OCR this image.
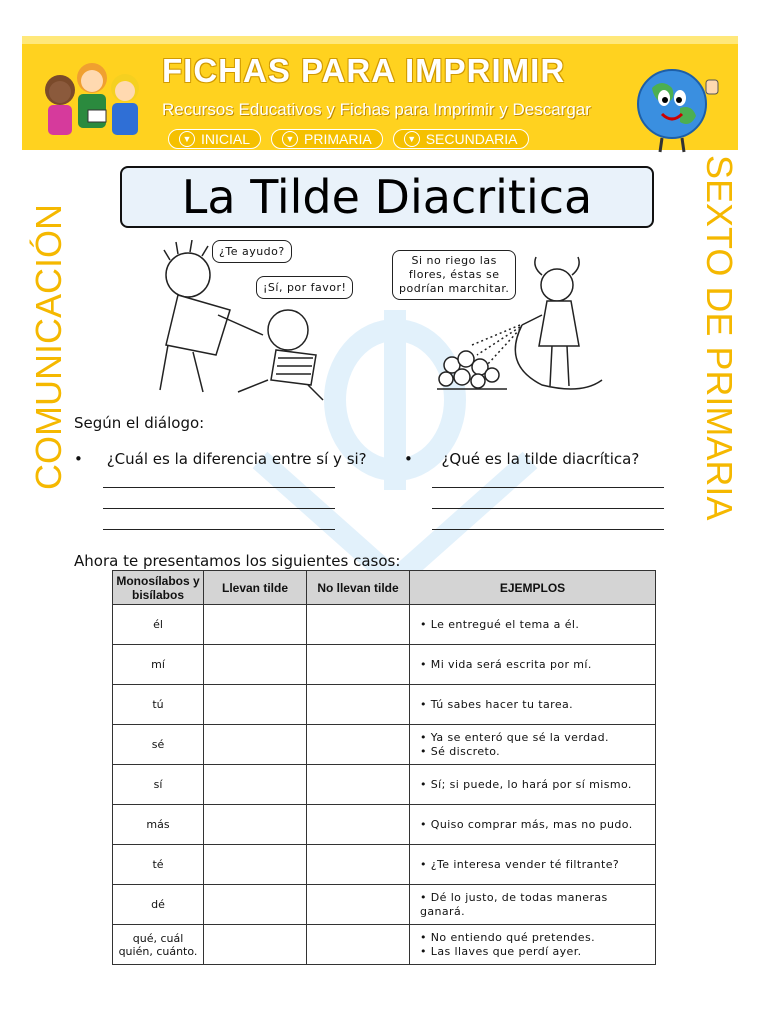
FICHAS PARA IMPRIMIR
Recursos Educativos y Fichas para Imprimir y Descargar
▼ INICIAL	▼ PRIMARIA	▼ SECUNDARIA
COMUNICACIÓN	SEXTO DE PRIMARIA
La Tilde Diacritica
¿Te ayudo?
¡Sí, por favor!
Si no riego las
flores, éstas se
podrían marchitar.
Según el diálogo:
•     ¿Cuál es la diferencia entre sí y si? •      ¿Qué es la tilde diacrítica?
Ahora te presentamos los siguientes casos:
Monosílabos y bisílabos	Llevan tilde	No llevan tilde	EJEMPLOS
él			• Le entregué el tema a él.

mí			• Mi vida será escrita por mí.

tú			• Tú sabes hacer tu tarea.

sé			• Ya se enteró que sé la verdad.
• Sé discreto.

sí			• Sí; si puede, lo hará por sí mismo.

más			• Quiso comprar más, mas no pudo.

té			• ¿Te interesa vender té filtrante?

dé			• Dé lo justo, de todas maneras ganará.

qué, cuál quién, cuánto.			• No entiendo qué pretendes.
• Las llaves que perdí ayer.
